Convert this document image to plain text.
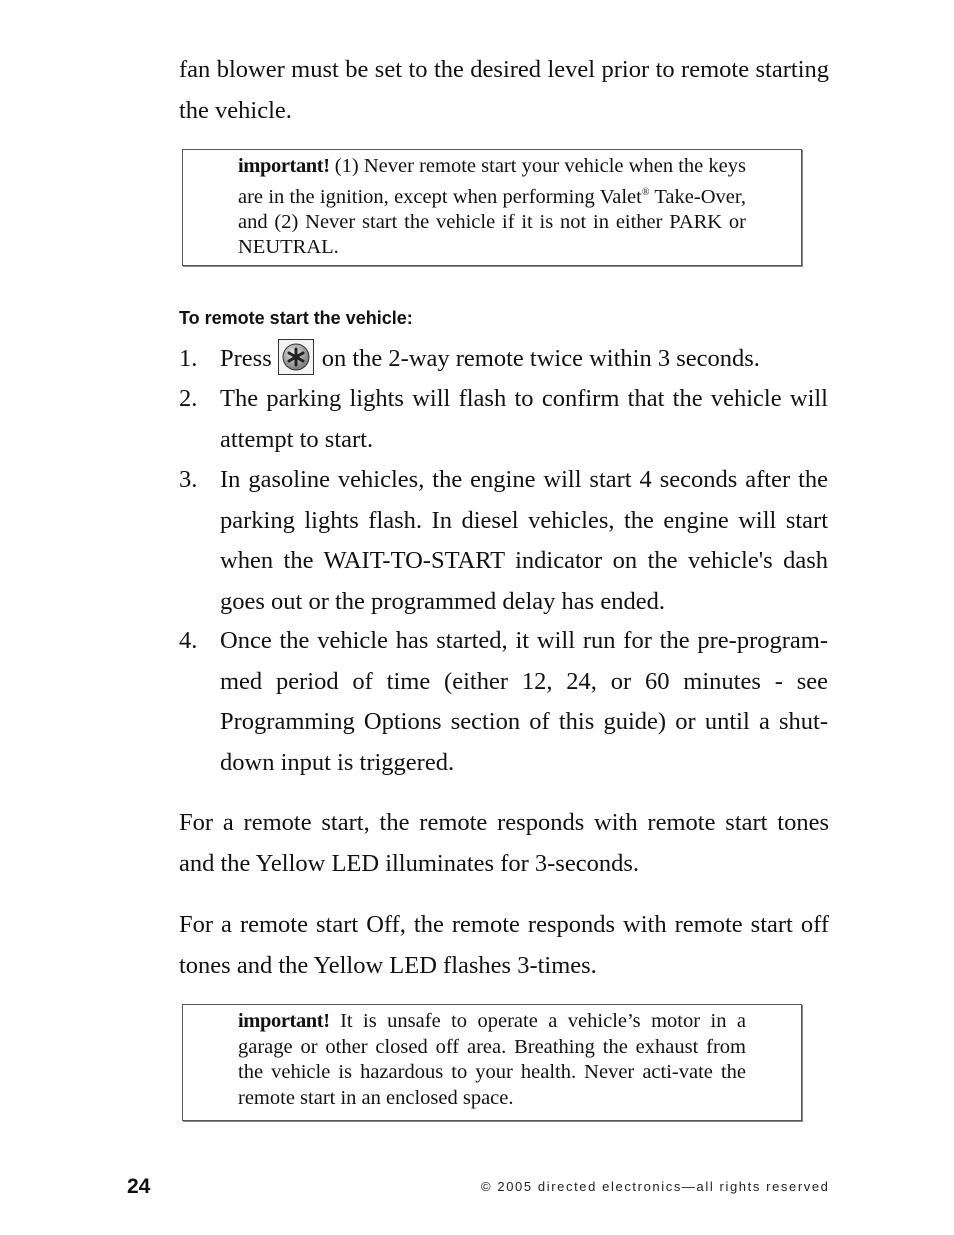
fan blower must be set to the desired level prior to remote starting the vehicle.
important! (1) Never remote start your vehicle when the keys are in the ignition, except when performing Valet® Take-Over, and (2) Never start the vehicle if it is not in either PARK or NEUTRAL.
To remote start the vehicle:
1. Press on the 2-way remote twice within 3 seconds.
2. The parking lights will flash to confirm that the vehicle will attempt to start.
3. In gasoline vehicles, the engine will start 4 seconds after the parking lights flash. In diesel vehicles, the engine will start when the WAIT-TO-START indicator on the vehicle's dash goes out or the programmed delay has ended.
4. Once the vehicle has started, it will run for the pre-program-med period of time (either 12, 24, or 60 minutes - see Programming Options section of this guide) or until a shut-down input is triggered.
For a remote start, the remote responds with remote start tones and the Yellow LED illuminates for 3-seconds.
For a remote start Off, the remote responds with remote start off tones and the Yellow LED flashes 3-times.
important! It is unsafe to operate a vehicle’s motor in a garage or other closed off area. Breathing the exhaust from the vehicle is hazardous to your health. Never acti-vate the remote start in an enclosed space.
24	© 2005 directed electronics—all rights reserved
